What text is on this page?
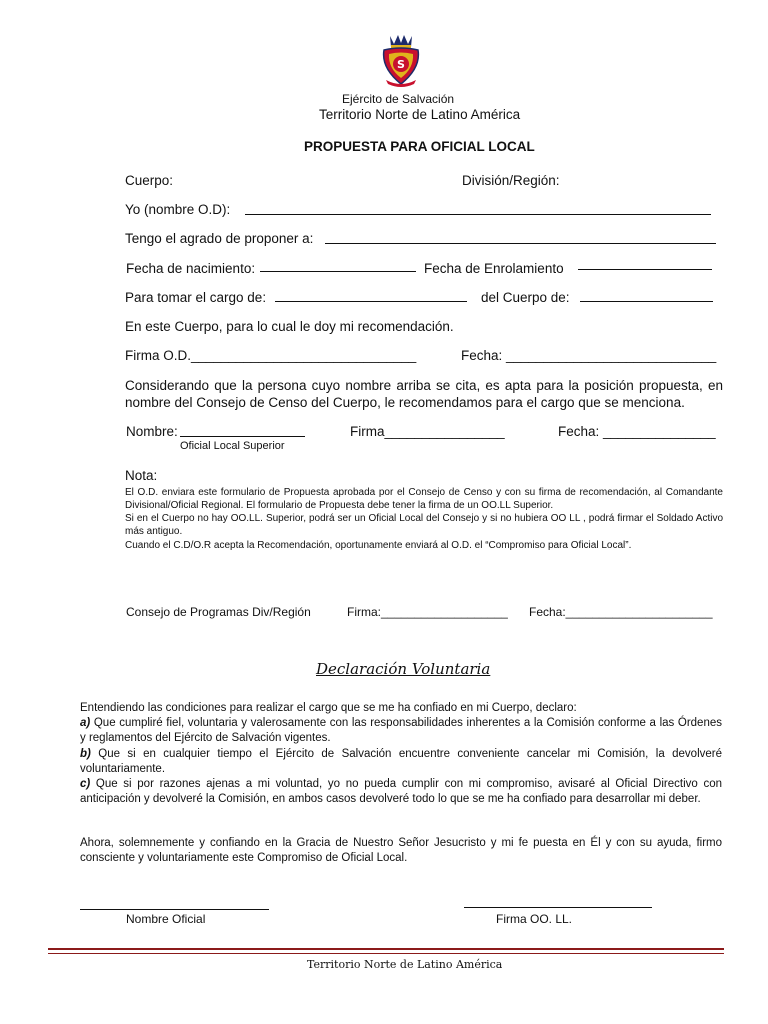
S
Ejército de Salvación
Territorio Norte de Latino América
PROPUESTA PARA OFICIAL LOCAL
Cuerpo:	División/Región:
Yo (nombre O.D):
Tengo el agrado de proponer a:
Fecha de nacimiento:	Fecha de Enrolamiento
Para tomar el cargo de:	del Cuerpo de:
En este Cuerpo, para lo cual le doy mi recomendación.
Firma O.D.______________________________	Fecha: ____________________________
Considerando que la persona cuyo nombre arriba se cita, es apta para la posición propuesta, en nombre del Consejo de Censo del Cuerpo, le recomendamos para el cargo que se menciona.
Nombre:
Oficial Local Superior
Firma________________	Fecha: _______________
Nota:
El O.D. enviara este formulario de Propuesta aprobada por el Consejo de Censo y con su firma de recomendación, al Comandante Divisional/Oficial Regional. El formulario de Propuesta debe tener la firma de un OO.LL Superior.
Si en el Cuerpo no hay OO.LL. Superior, podrá ser un Oficial Local del Consejo y si no hubiera OO LL , podrá firmar el Soldado Activo más antiguo.
Cuando el C.D/O.R acepta la Recomendación, oportunamente enviará al O.D. el “Compromiso para Oficial Local”.
Consejo de Programas Div/Región	Firma:___________________ Fecha:______________________
Declaración Voluntaria
Entendiendo las condiciones para realizar el cargo que se me ha confiado en mi Cuerpo, declaro:
a) Que cumpliré fiel, voluntaria y valerosamente con las responsabilidades inherentes a la Comisión conforme a las Órdenes y reglamentos del Ejército de Salvación vigentes.
b) Que si en cualquier tiempo el Ejército de Salvación encuentre conveniente cancelar mi Comisión, la devolveré voluntariamente.
c) Que si por razones ajenas a mi voluntad, yo no pueda cumplir con mi compromiso, avisaré al Oficial Directivo con anticipación y devolveré la Comisión, en ambos casos devolveré todo lo que se me ha confiado para desarrollar mi deber.
Ahora, solemnemente y confiando en la Gracia de Nuestro Señor Jesucristo y mi fe puesta en Él y con su ayuda, firmo consciente y voluntariamente este Compromiso de Oficial Local.
Nombre Oficial	Firma OO. LL.
Territorio Norte de Latino América
